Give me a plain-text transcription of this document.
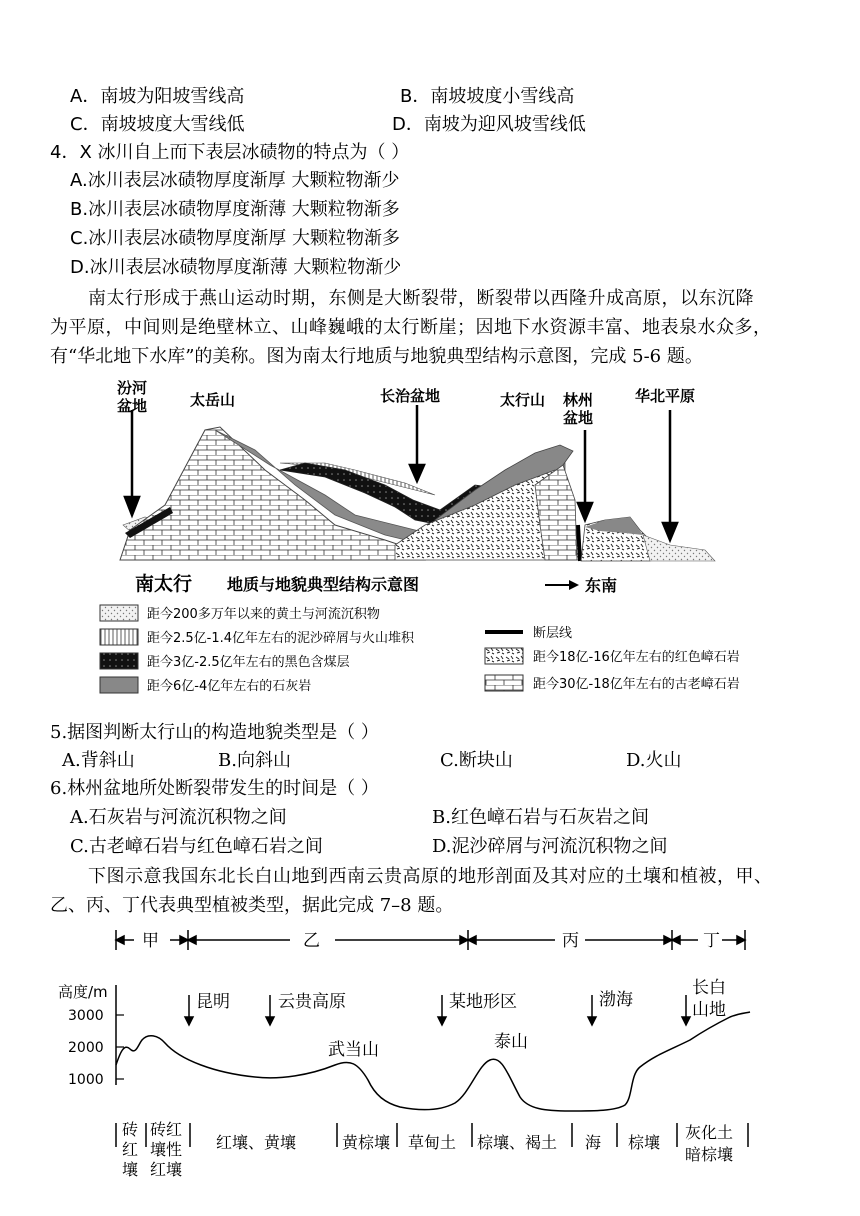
A．南坡为阳坡雪线高	B．南坡坡度小雪线高
C．南坡坡度大雪线低	D．南坡为迎风坡雪线低
4．X 冰川自上而下表层冰碛物的特点为（ ）
A.冰川表层冰碛物厚度渐厚 大颗粒物渐少
B.冰川表层冰碛物厚度渐薄 大颗粒物渐多
C.冰川表层冰碛物厚度渐厚 大颗粒物渐多
D.冰川表层冰碛物厚度渐薄 大颗粒物渐少
南太行形成于燕山运动时期，东侧是大断裂带，断裂带以西隆升成高原，以东沉降
为平原，中间则是绝壁林立、山峰巍峨的太行断崖；因地下水资源丰富、地表泉水众多，
有“华北地下水库”的美称。图为南太行地质与地貌典型结构示意图，完成 5-6 题。
汾河
盆地	太岳山	长治盆地	太行山 林州
盆地
华北平原
南太行 地质与地貌典型结构示意图	东南
距今200多万年以来的黄土与河流沉积物
距今2.5亿-1.4亿年左右的泥沙碎屑与火山堆积
距今3亿-2.5亿年左右的黑色含煤层
距今6亿-4亿年左右的石灰岩
断层线
距今18亿-16亿年左右的红色嶂石岩
距今30亿-18亿年左右的古老嶂石岩
5.据图判断太行山的构造地貌类型是（ ）
A.背斜山	B.向斜山	C.断块山	D.火山
6.林州盆地所处断裂带发生的时间是（ ）
A.石灰岩与河流沉积物之间	B.红色嶂石岩与石灰岩之间
C.古老嶂石岩与红色嶂石岩之间	D.泥沙碎屑与河流沉积物之间
下图示意我国东北长白山地到西南云贵高原的地形剖面及其对应的土壤和植被，甲、
乙、丙、丁代表典型植被类型，据此完成 7–8 题。
甲	乙	丙	丁
高度/m
3000
2000
1000
昆明	云贵高原	某地形区	渤海
长白
山地
武当山	泰山
砖
红
壤
砖红
壤性
红壤
红壤、黄壤	黄棕壤 草甸土 棕壤、褐土 海 棕壤
灰化土
暗棕壤
